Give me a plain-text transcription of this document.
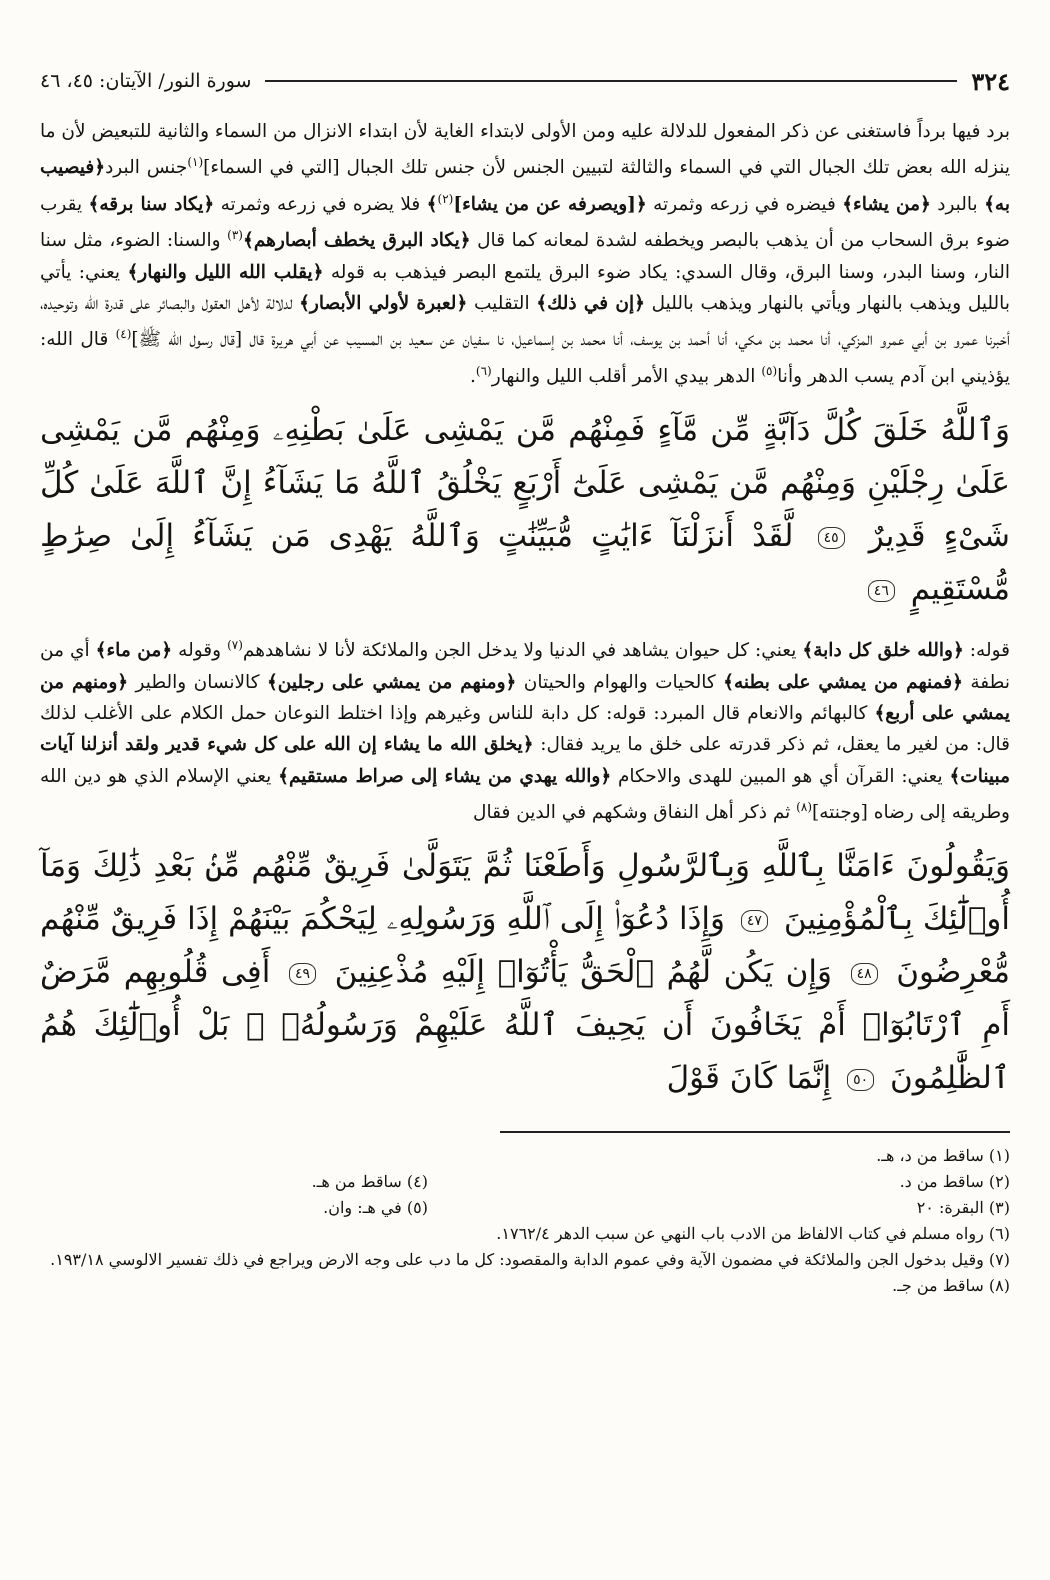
٣٢٤
سورة النور/ الآيتان: ٤٥، ٤٦

برد فيها برداً فاستغنى عن ذكر المفعول للدلالة عليه ومن الأولى لابتداء الغاية لأن ابتداء الانزال من السماء والثانية للتبعيض لأن ما ينزله الله بعض تلك الجبال التي في السماء والثالثة لتبيين الجنس لأن جنس تلك الجبال [التي في السماء]$^{(١)}$جنس البرد﴿فيصيب به﴾ بالبرد ﴿من يشاء﴾ فيضره في زرعه وثمرته ﴿[ويصرفه عن من يشاء]$^{(٢)}$﴾ فلا يضره في زرعه وثمرته ﴿يكاد سنا برقه﴾ يقرب ضوء برق السحاب من أن يذهب بالبصر ويخطفه لشدة لمعانه كما قال ﴿يكاد البرق يخطف أبصارهم﴾$^{(٣)}$ والسنا: الضوء، مثل سنا النار، وسنا البدر، وسنا البرق، وقال السدي: يكاد ضوء البرق يلتمع البصر فيذهب به قوله ﴿يقلب الله الليل والنهار﴾ يعني: يأتي بالليل ويذهب بالنهار ويأتي بالنهار ويذهب بالليل ﴿إن في ذلك﴾ التقليب ﴿لعبرة لأولي الأبصار﴾ لدلالة لأهل العقول والبصائر على قدرة الله وتوحيده، أخبرنا عمرو بن أبي عمرو المزكي، أنا محمد بن مكي، أنا أحمد بن يوسف، أنا محمد بن إسماعيل، نا سفيان عن سعيد بن المسيب عن أبي هريرة قال [قال رسول الله ﷺ]$^{(٤)}$ قال الله: يؤذيني ابن آدم يسب الدهر وأنا$^{(٥)}$ الدهر بيدي الأمر أقلب الليل والنهار$^{(٦)}$.

وَٱللَّهُ خَلَقَ كُلَّ دَآبَّةٍ مِّن مَّآءٍ فَمِنْهُم مَّن يَمْشِى عَلَىٰ بَطْنِهِۦ وَمِنْهُم مَّن يَمْشِى عَلَىٰ رِجْلَيْنِ وَمِنْهُم مَّن يَمْشِى عَلَىٰٓ أَرْبَعٍ يَخْلُقُ ٱللَّهُ مَا يَشَآءُ إِنَّ ٱللَّهَ عَلَىٰ كُلِّ شَىْءٍ قَدِيرٌ ٤٥ لَّقَدْ أَنزَلْنَآ ءَايَٰتٍ مُّبَيِّنَٰتٍ وَٱللَّهُ يَهْدِى مَن يَشَآءُ إِلَىٰ صِرَٰطٍ مُّسْتَقِيمٍ ٤٦

قوله: ﴿والله خلق كل دابة﴾ يعني: كل حيوان يشاهد في الدنيا ولا يدخل الجن والملائكة لأنا لا نشاهدهم$^{(٧)}$ وقوله ﴿من ماء﴾ أي من نطفة ﴿فمنهم من يمشي على بطنه﴾ كالحيات والهوام والحيتان ﴿ومنهم من يمشي على رجلين﴾ كالانسان والطير ﴿ومنهم من يمشي على أربع﴾ كالبهائم والانعام قال المبرد: قوله: كل دابة للناس وغيرهم وإذا اختلط النوعان حمل الكلام على الأغلب لذلك قال: من لغير ما يعقل، ثم ذكر قدرته على خلق ما يريد فقال: ﴿يخلق الله ما يشاء إن الله على كل شيء قدير ولقد أنزلنا آيات مبينات﴾ يعني: القرآن أي هو المبين للهدى والاحكام ﴿والله يهدي من يشاء إلى صراط مستقيم﴾ يعني الإسلام الذي هو دين الله وطريقه إلى رضاه [وجنته]$^{(٨)}$ ثم ذكر أهل النفاق وشكهم في الدين فقال

وَيَقُولُونَ ءَامَنَّا بِٱللَّهِ وَبِٱلرَّسُولِ وَأَطَعْنَا ثُمَّ يَتَوَلَّىٰ فَرِيقٌ مِّنْهُم مِّنۢ بَعْدِ ذَٰلِكَ وَمَآ أُو۟لَٰٓئِكَ بِٱلْمُؤْمِنِينَ ٤٧ وَإِذَا دُعُوٓا۟ إِلَى ٱللَّهِ وَرَسُولِهِۦ لِيَحْكُمَ بَيْنَهُمْ إِذَا فَرِيقٌ مِّنْهُم مُّعْرِضُونَ ٤٨ وَإِن يَكُن لَّهُمُ ٱلْحَقُّ يَأْتُوٓا۟ إِلَيْهِ مُذْعِنِينَ ٤٩ أَفِى قُلُوبِهِم مَّرَضٌ أَمِ ٱرْتَابُوٓا۟ أَمْ يَخَافُونَ أَن يَحِيفَ ٱللَّهُ عَلَيْهِمْ وَرَسُولُهُۥ ۚ بَلْ أُو۟لَٰٓئِكَ هُمُ ٱلظَّٰلِمُونَ ٥٠ إِنَّمَا كَانَ قَوْلَ

(١) ساقط من د، هـ.
(٢) ساقط من د.
(٤) ساقط من هـ.
(٣) البقرة: ٢٠
(٥) في هـ: وان.
(٦) رواه مسلم في كتاب الالفاظ من الادب باب النهي عن سبب الدهر ١٧٦٢/٤.
(٧) وقيل بدخول الجن والملائكة في مضمون الآية وفي عموم الدابة والمقصود: كل ما دب على وجه الارض ويراجع في ذلك تفسير الالوسي ١٩٣/١٨.
(٨) ساقط من جـ.
